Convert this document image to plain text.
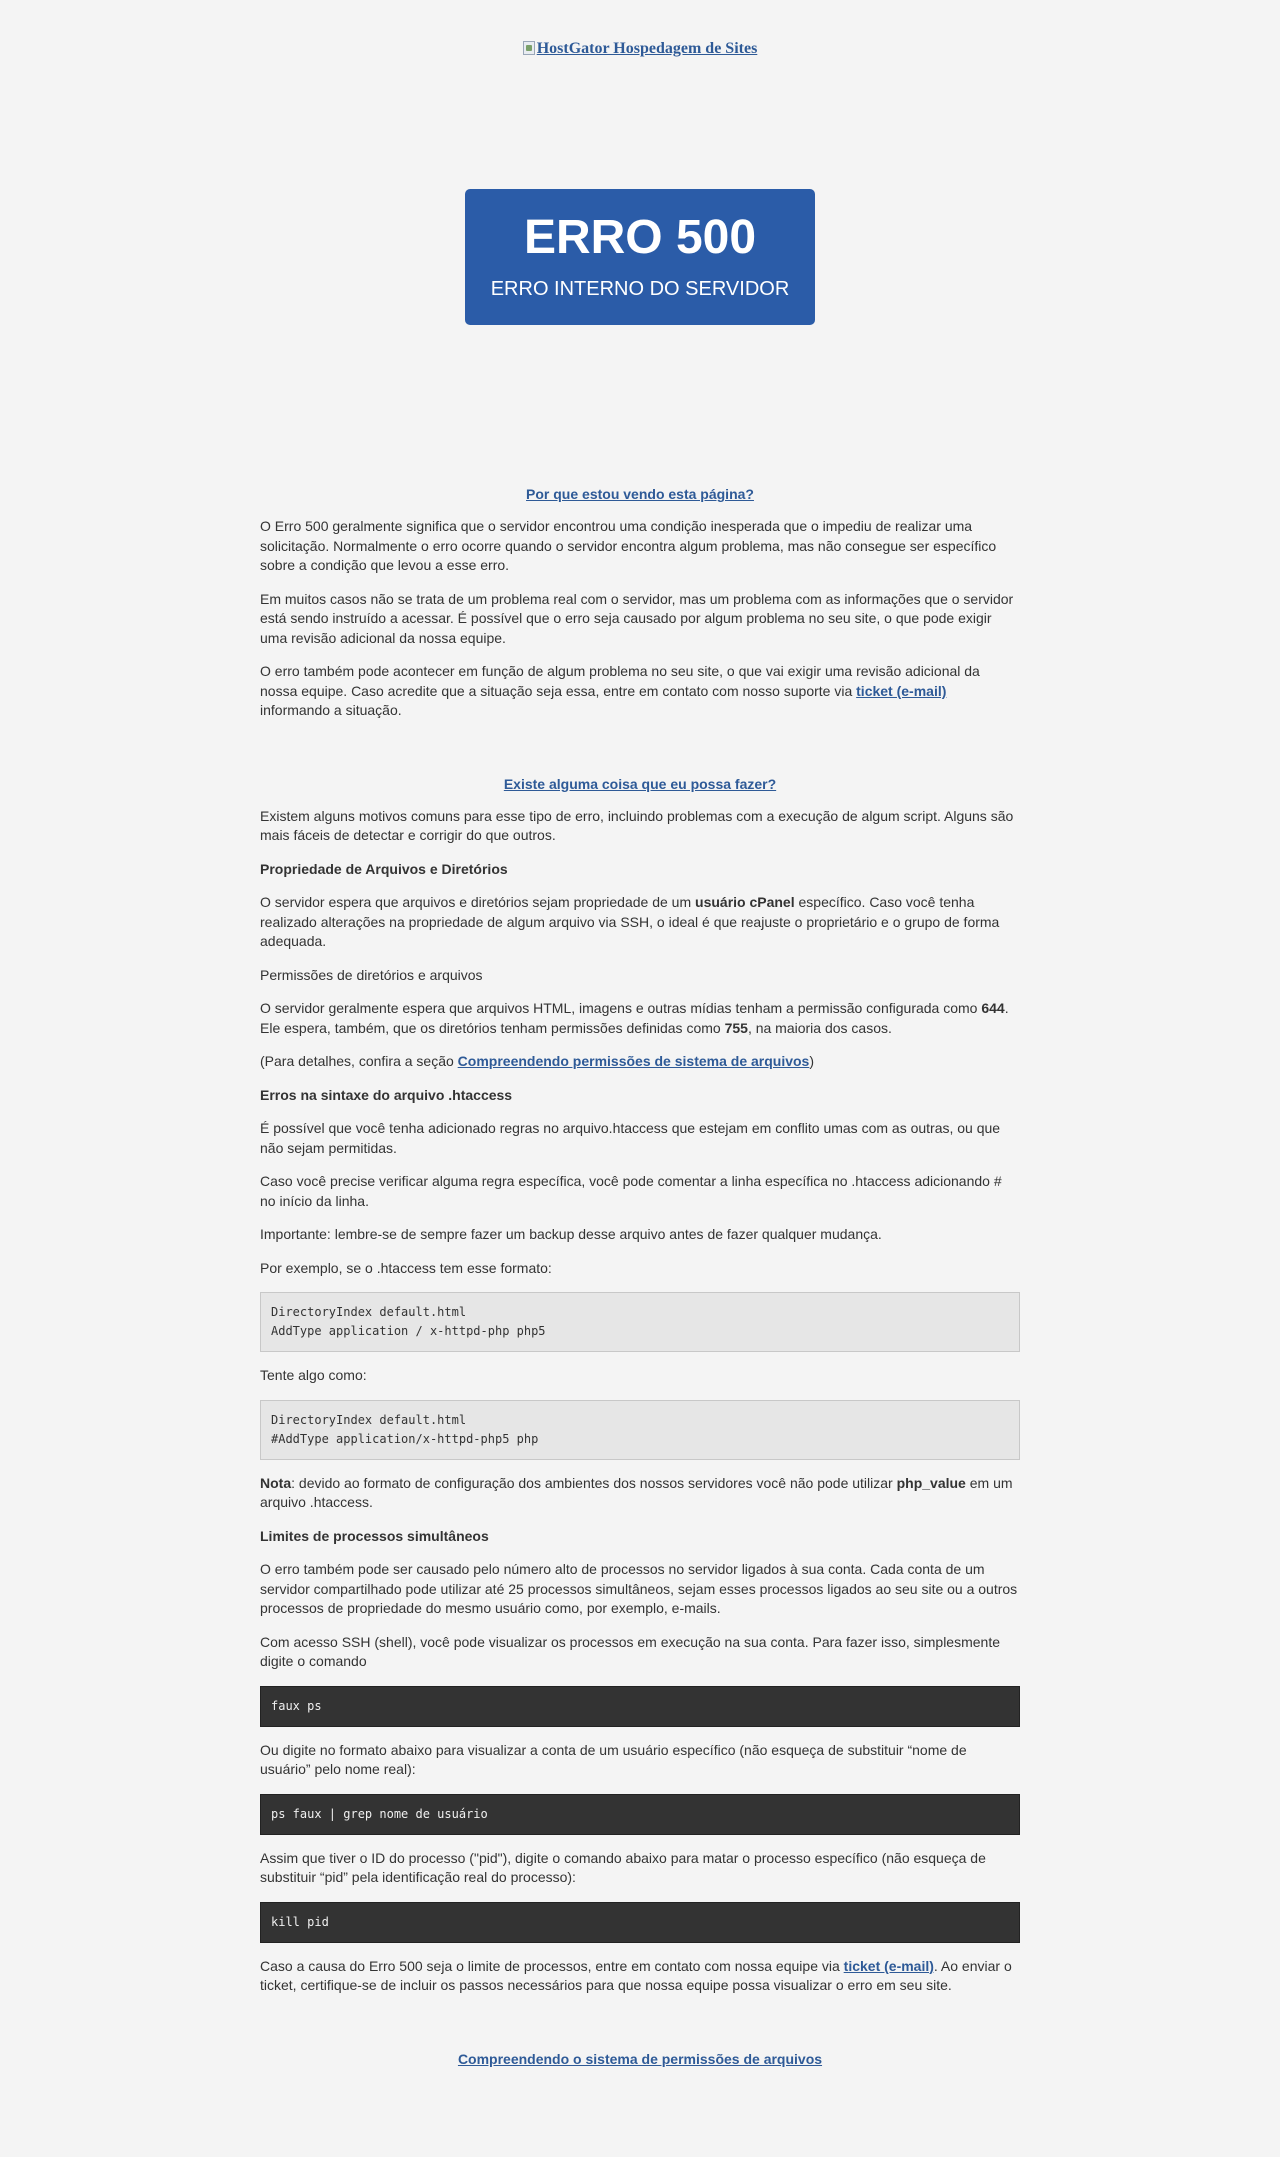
HostGator Hospedagem de Sites
ERRO 500
ERRO INTERNO DO SERVIDOR
Por que estou vendo esta página?

O Erro 500 geralmente significa que o servidor encontrou uma condição inesperada que o impediu de realizar uma solicitação. Normalmente o erro ocorre quando o servidor encontra algum problema, mas não consegue ser específico sobre a condição que levou a esse erro.

Em muitos casos não se trata de um problema real com o servidor, mas um problema com as informações que o servidor está sendo instruído a acessar. É possível que o erro seja causado por algum problema no seu site, o que pode exigir uma revisão adicional da nossa equipe.

O erro também pode acontecer em função de algum problema no seu site, o que vai exigir uma revisão adicional da nossa equipe. Caso acredite que a situação seja essa, entre em contato com nosso suporte via ticket (e-mail) informando a situação.

Existe alguma coisa que eu possa fazer?

Existem alguns motivos comuns para esse tipo de erro, incluindo problemas com a execução de algum script. Alguns são mais fáceis de detectar e corrigir do que outros.

Propriedade de Arquivos e Diretórios

O servidor espera que arquivos e diretórios sejam propriedade de um usuário cPanel específico. Caso você tenha realizado alterações na propriedade de algum arquivo via SSH, o ideal é que reajuste o proprietário e o grupo de forma adequada.

Permissões de diretórios e arquivos

O servidor geralmente espera que arquivos HTML, imagens e outras mídias tenham a permissão configurada como 644. Ele espera, também, que os diretórios tenham permissões definidas como 755, na maioria dos casos.

(Para detalhes, confira a seção Compreendendo permissões de sistema de arquivos)

Erros na sintaxe do arquivo .htaccess

É possível que você tenha adicionado regras no arquivo.htaccess que estejam em conflito umas com as outras, ou que não sejam permitidas.

Caso você precise verificar alguma regra específica, você pode comentar a linha específica no .htaccess adicionando # no início da linha.

Importante: lembre-se de sempre fazer um backup desse arquivo antes de fazer qualquer mudança.

Por exemplo, se o .htaccess tem esse formato:

DirectoryIndex default.html
AddType application / x-httpd-php php5

Tente algo como:

DirectoryIndex default.html
#AddType application/x-httpd-php5 php

Nota: devido ao formato de configuração dos ambientes dos nossos servidores você não pode utilizar php_value em um arquivo .htaccess.

Limites de processos simultâneos

O erro também pode ser causado pelo número alto de processos no servidor ligados à sua conta. Cada conta de um servidor compartilhado pode utilizar até 25 processos simultâneos, sejam esses processos ligados ao seu site ou a outros processos de propriedade do mesmo usuário como, por exemplo, e-mails.

Com acesso SSH (shell), você pode visualizar os processos em execução na sua conta. Para fazer isso, simplesmente digite o comando

faux ps

Ou digite no formato abaixo para visualizar a conta de um usuário específico (não esqueça de substituir “nome de usuário” pelo nome real):

ps faux | grep nome de usuário

Assim que tiver o ID do processo ("pid"), digite o comando abaixo para matar o processo específico (não esqueça de substituir “pid” pela identificação real do processo):

kill pid

Caso a causa do Erro 500 seja o limite de processos, entre em contato com nossa equipe via ticket (e-mail). Ao enviar o ticket, certifique-se de incluir os passos necessários para que nossa equipe possa visualizar o erro em seu site.

Compreendendo o sistema de permissões de arquivos
